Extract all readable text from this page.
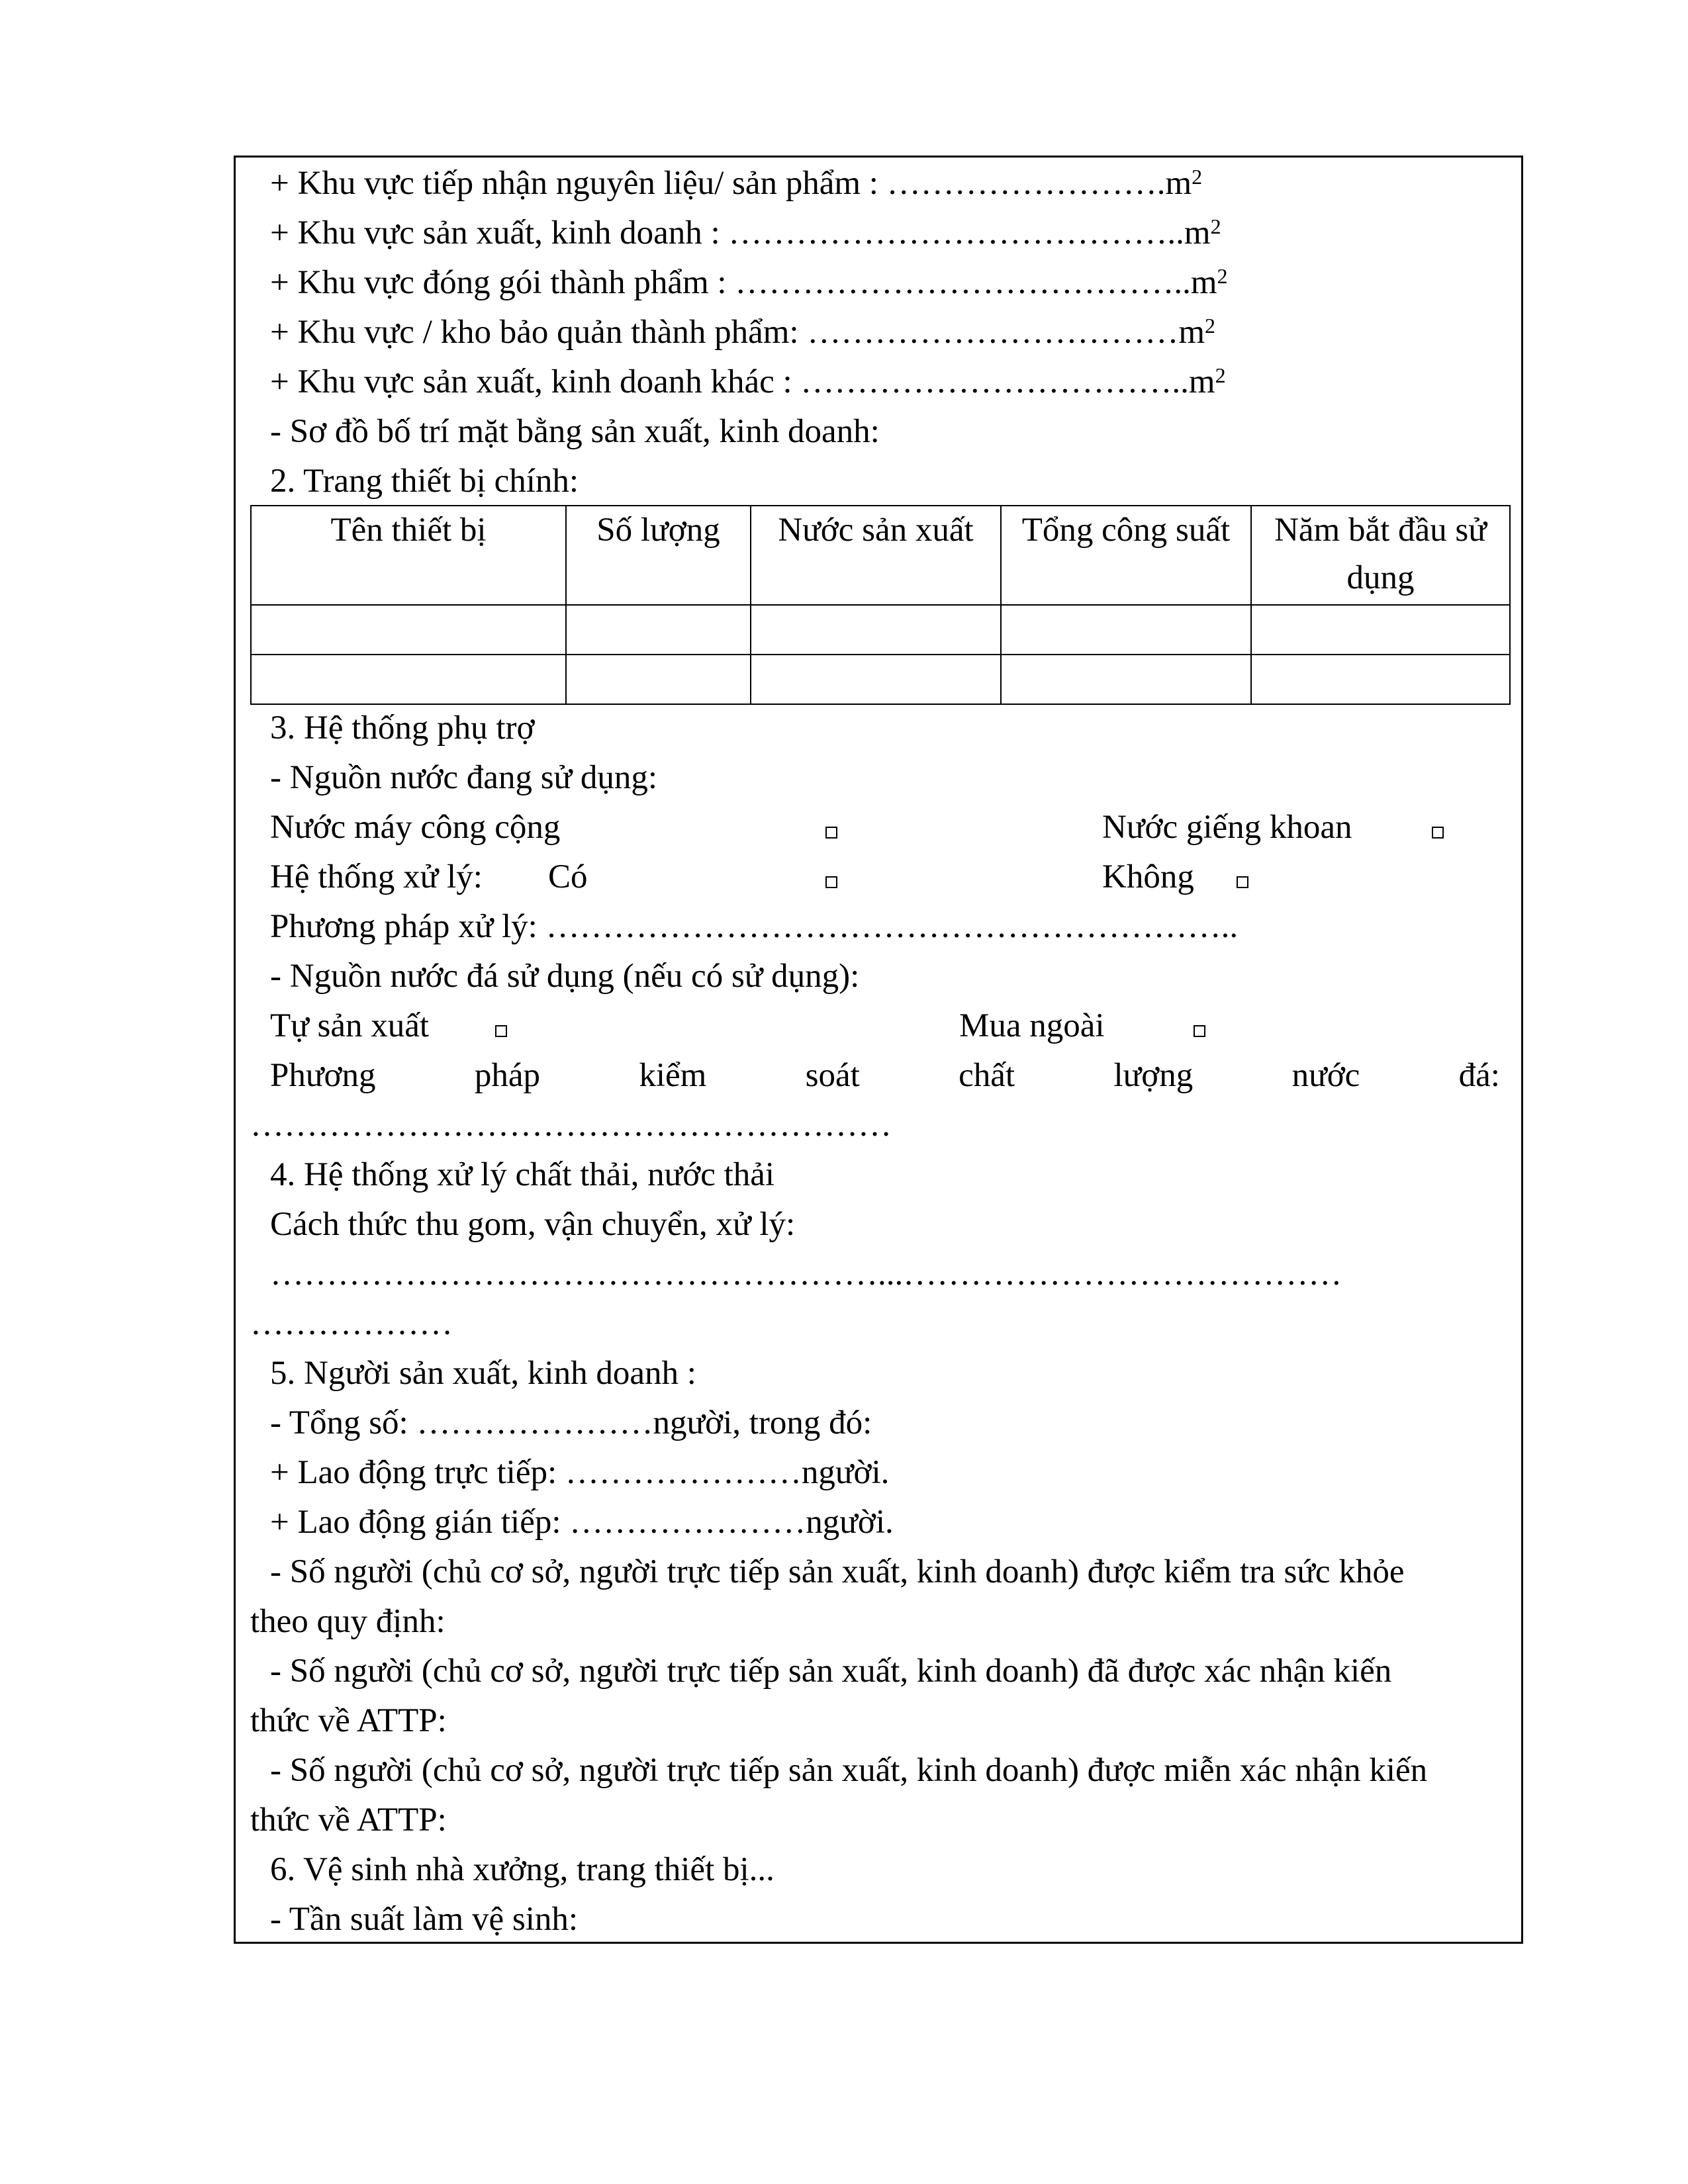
+ Khu vực tiếp nhận nguyên liệu/ sản phẩm : $\dots\dots\dots\dots\dots\dots\dots\dots.m^2$
+ Khu vực sản xuất, kinh doanh : $\dots\dots\dots\dots\dots\dots\dots\dots\dots\dots\dots\dots\dots..m^2$
+ Khu vực đóng gói thành phẩm : $\dots\dots\dots\dots\dots\dots\dots\dots\dots\dots\dots\dots\dots..m^2$
+ Khu vực / kho bảo quản thành phẩm: $\dots\dots\dots\dots\dots\dots\dots\dots\dots\dots\dots m^2$
+ Khu vực sản xuất, kinh doanh khác : $\dots\dots\dots\dots\dots\dots\dots\dots\dots\dots\dots..m^2$
- Sơ đồ bố trí mặt bằng sản xuất, kinh doanh:
2. Trang thiết bị chính:
Tên thiết bị	Số lượng	Nước sản xuất	Tổng công suất	Năm bắt đầu sử dụng

3. Hệ thống phụ trợ
- Nguồn nước đang sử dụng:
Nước máy công cộng	Nước giếng khoan
Hệ thống xử lý: Có	Không
Phương pháp xử lý: ……………………………………………………..
- Nguồn nước đá sử dụng (nếu có sử dụng):
Tự sản xuất	Mua ngoài
Phương	pháp	kiểm	soát	chất	lượng	nước	đá:
…………………………………………………
4. Hệ thống xử lý chất thải, nước thải
Cách thức thu gom, vận chuyển, xử lý:
………………………………………………...…………………………………
………………
5. Người sản xuất, kinh doanh :
- Tổng số: …………………người, trong đó:
+ Lao động trực tiếp: …………………người.
+ Lao động gián tiếp: …………………người.
- Số người (chủ cơ sở, người trực tiếp sản xuất, kinh doanh) được kiểm tra sức khỏe
theo quy định:
- Số người (chủ cơ sở, người trực tiếp sản xuất, kinh doanh) đã được xác nhận kiến
thức về ATTP:
- Số người (chủ cơ sở, người trực tiếp sản xuất, kinh doanh) được miễn xác nhận kiến
thức về ATTP:
6. Vệ sinh nhà xưởng, trang thiết bị...
- Tần suất làm vệ sinh:
